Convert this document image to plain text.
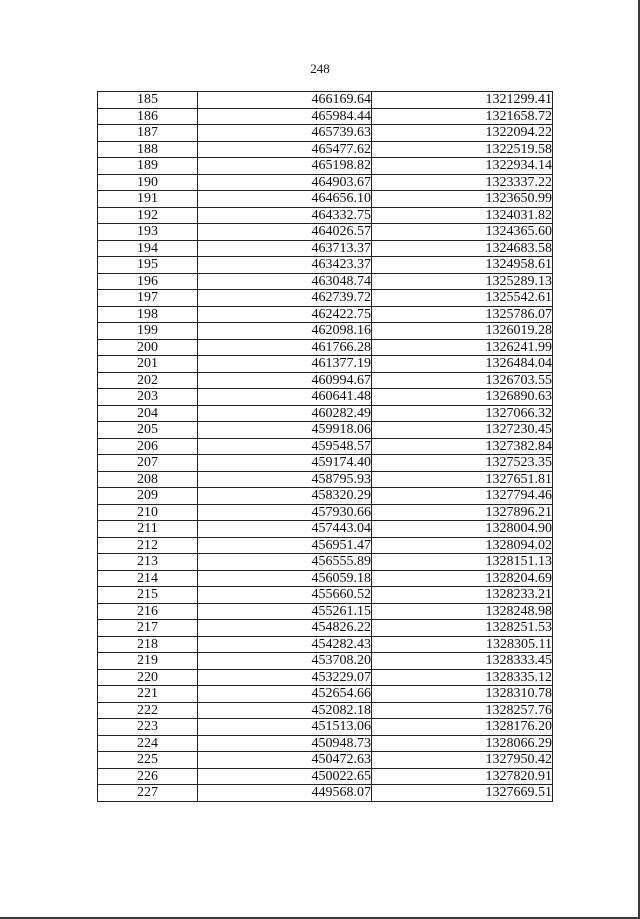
248
185	466169.64	1321299.41
186	465984.44	1321658.72
187	465739.63	1322094.22
188	465477.62	1322519.58
189	465198.82	1322934.14
190	464903.67	1323337.22
191	464656.10	1323650.99
192	464332.75	1324031.82
193	464026.57	1324365.60
194	463713.37	1324683.58
195	463423.37	1324958.61
196	463048.74	1325289.13
197	462739.72	1325542.61
198	462422.75	1325786.07
199	462098.16	1326019.28
200	461766.28	1326241.99
201	461377.19	1326484.04
202	460994.67	1326703.55
203	460641.48	1326890.63
204	460282.49	1327066.32
205	459918.06	1327230.45
206	459548.57	1327382.84
207	459174.40	1327523.35
208	458795.93	1327651.81
209	458320.29	1327794.46
210	457930.66	1327896.21
211	457443.04	1328004.90
212	456951.47	1328094.02
213	456555.89	1328151.13
214	456059.18	1328204.69
215	455660.52	1328233.21
216	455261.15	1328248.98
217	454826.22	1328251.53
218	454282.43	1328305.11
219	453708.20	1328333.45
220	453229.07	1328335.12
221	452654.66	1328310.78
222	452082.18	1328257.76
223	451513.06	1328176.20
224	450948.73	1328066.29
225	450472.63	1327950.42
226	450022.65	1327820.91
227	449568.07	1327669.51
